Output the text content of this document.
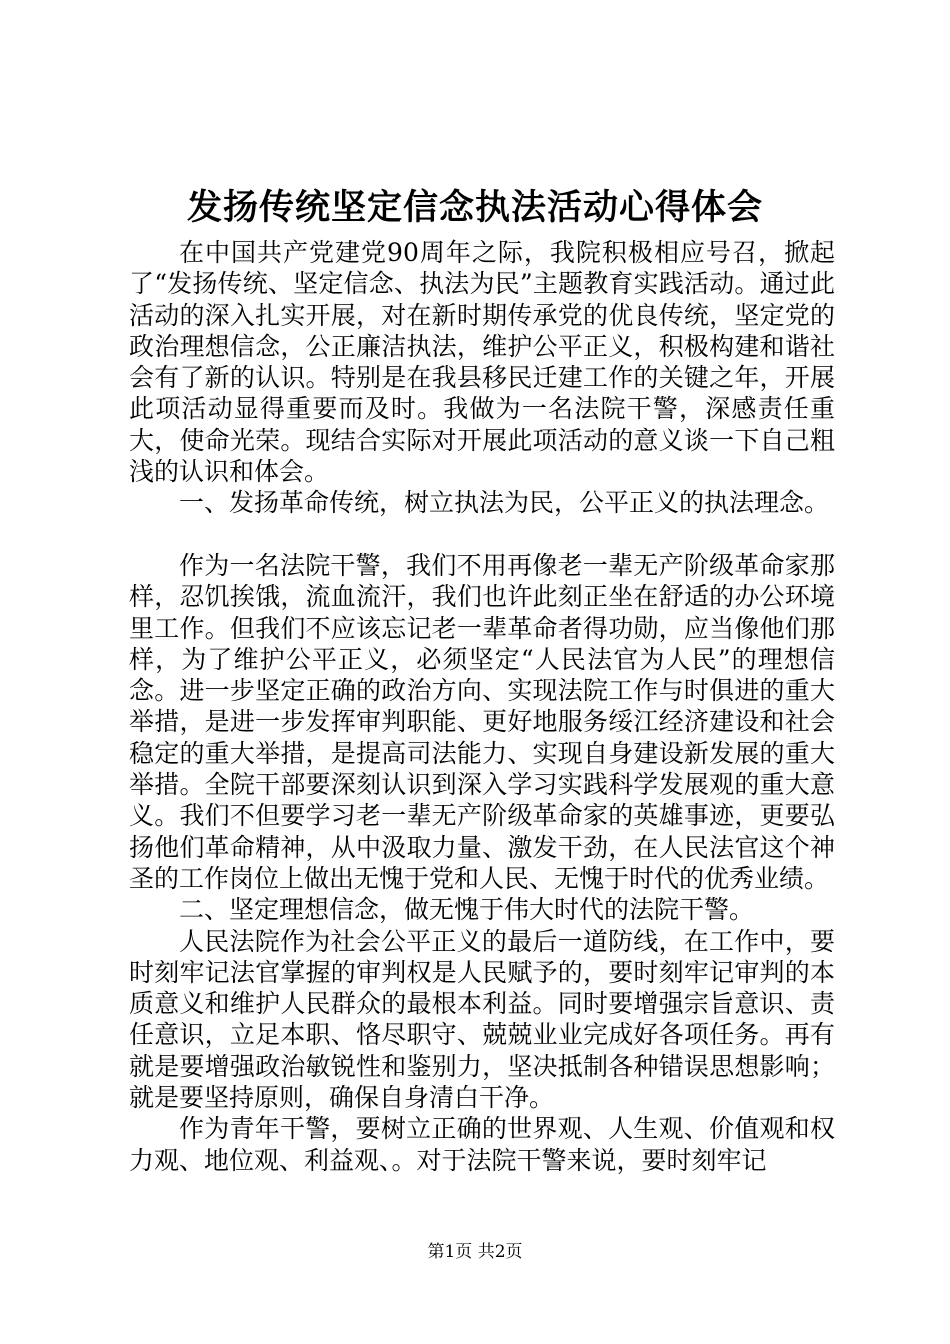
发扬传统坚定信念执法活动心得体会

在中国共产党建党90周年之际，我院积极相应号召，掀起了“发扬传统、坚定信念、执法为民”主题教育实践活动。通过此活动的深入扎实开展，对在新时期传承党的优良传统，坚定党的政治理想信念，公正廉洁执法，维护公平正义，积极构建和谐社会有了新的认识。特别是在我县移民迁建工作的关键之年，开展此项活动显得重要而及时。我做为一名法院干警，深感责任重大，使命光荣。现结合实际对开展此项活动的意义谈一下自己粗浅的认识和体会。

一、发扬革命传统，树立执法为民，公平正义的执法理念。

作为一名法院干警，我们不用再像老一辈无产阶级革命家那样，忍饥挨饿，流血流汗，我们也许此刻正坐在舒适的办公环境里工作。但我们不应该忘记老一辈革命者得功勋，应当像他们那样，为了维护公平正义，必须坚定“人民法官为人民”的理想信念。进一步坚定正确的政治方向、实现法院工作与时俱进的重大举措，是进一步发挥审判职能、更好地服务绥江经济建设和社会稳定的重大举措，是提高司法能力、实现自身建设新发展的重大举措。全院干部要深刻认识到深入学习实践科学发展观的重大意义。我们不但要学习老一辈无产阶级革命家的英雄事迹，更要弘扬他们革命精神，从中汲取力量、激发干劲，在人民法官这个神圣的工作岗位上做出无愧于党和人民、无愧于时代的优秀业绩。

二、坚定理想信念，做无愧于伟大时代的法院干警。

人民法院作为社会公平正义的最后一道防线，在工作中，要时刻牢记法官掌握的审判权是人民赋予的，要时刻牢记审判的本质意义和维护人民群众的最根本利益。同时要增强宗旨意识、责任意识，立足本职、恪尽职守、兢兢业业完成好各项任务。再有就是要增强政治敏锐性和鉴别力，坚决抵制各种错误思想影响；就是要坚持原则，确保自身清白干净。

作为青年干警，要树立正确的世界观、人生观、价值观和权力观、地位观、利益观、。对于法院干警来说，要时刻牢记

第1页 共2页
